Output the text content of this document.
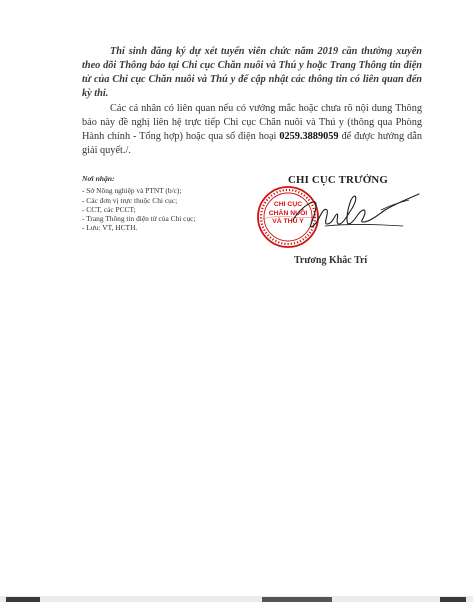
Thí sinh đăng ký dự xét tuyển viên chức năm 2019 cần thường xuyên theo dõi Thông báo tại Chi cục Chăn nuôi và Thú y hoặc Trang Thông tin điện tử của Chi cục Chăn nuôi và Thú y để cập nhật các thông tin có liên quan đến kỳ thi.

Các cá nhân có liên quan nếu có vướng mắc hoặc chưa rõ nội dung Thông báo này đề nghị liên hệ trực tiếp Chi cục Chăn nuôi và Thú y (thông qua Phòng Hành chính - Tổng hợp) hoặc qua số điện hoại 0259.3889059 để được hướng dẫn giải quyết./.

Nơi nhận:
- Sở Nông nghiệp và PTNT (b/c);
- Các đơn vị trực thuộc Chi cục;
- CCT, các PCCT;
- Trang Thông tin điện tử của Chi cục;
- Lưu: VT, HCTH.
CHI CỤC TRƯỞNG
CHI CỤC
CHĂN NUÔI
VÀ THÚ Y
Trương Khắc Trí
